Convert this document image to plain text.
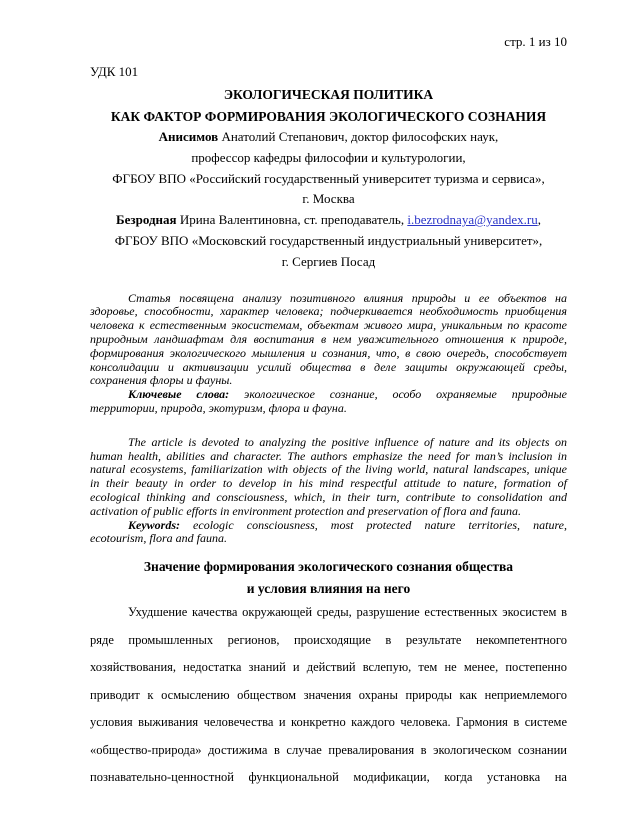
стр. 1 из 10
УДК 101
ЭКОЛОГИЧЕСКАЯ ПОЛИТИКА
КАК ФАКТОР ФОРМИРОВАНИЯ ЭКОЛОГИЧЕСКОГО СОЗНАНИЯ
Анисимов Анатолий Степанович, доктор философских наук,
профессор кафедры философии и культурологии,
ФГБОУ ВПО «Российский государственный университет туризма и сервиса»,
г. Москва
Безродная Ирина Валентиновна, ст. преподаватель, i.bezrodnaya@yandex.ru,
ФГБОУ ВПО «Московский государственный индустриальный университет»,
г. Сергиев Посад
Статья посвящена анализу позитивного влияния природы и ее объектов на
здоровье, способности, характер человека; подчеркивается необходимость приобщения
человека к естественным экосистемам, объектам живого мира, уникальным по красоте
природным ландшафтам для воспитания в нем уважительного отношения к природе,
формирования экологического мышления и сознания, что, в свою очередь, способствует
консолидации и активизации усилий общества в деле защиты окружающей среды,
сохранения флоры и фауны.
Ключевые слова: экологическое сознание, особо охраняемые природные
территории, природа, экотуризм, флора и фауна.
The article is devoted to analyzing the positive influence of nature and its objects on
human health, abilities and character. The authors emphasize the need for man’s inclusion in
natural ecosystems, familiarization with objects of the living world, natural landscapes, unique
in their beauty in order to develop in his mind respectful attitude to nature, formation of
ecological thinking and consciousness, which, in their turn, contribute to consolidation and
activation of public efforts in environment protection and preservation of flora and fauna.
Keywords: ecologic consciousness, most protected nature territories, nature,
ecotourism, flora and fauna.
Значение формирования экологического сознания общества
и условия влияния на него
Ухудшение качества окружающей среды, разрушение естественных экосистем в
ряде промышленных регионов, происходящие в результате некомпетентного
хозяйствования, недостатка знаний и действий вслепую, тем не менее, постепенно
приводит к осмыслению обществом значения охраны природы как неприемлемого
условия выживания человечества и конкретно каждого человека. Гармония в системе
«общество-природа» достижима в случае превалирования в экологическом сознании
познавательно-ценностной функциональной модификации, когда установка на
